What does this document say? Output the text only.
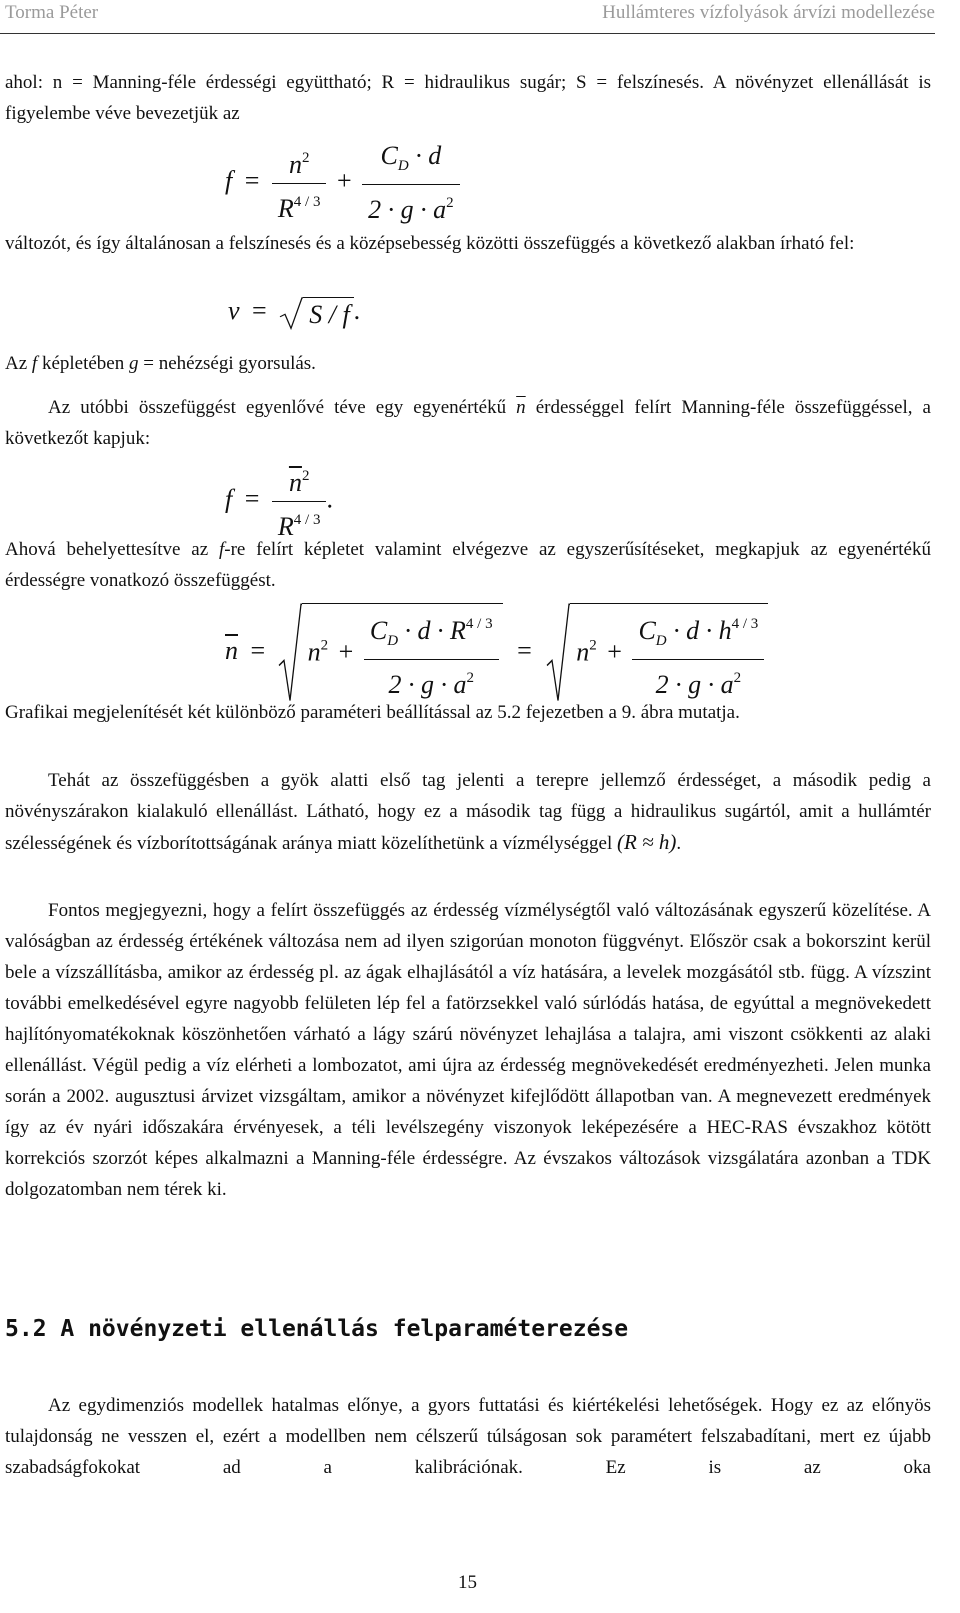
Torma Péter	Hullámteres vízfolyások árvízi modellezése

ahol: n = Manning-féle érdességi együttható; R = hidraulikus sugár; S = felszínesés. A növényzet ellenállását is figyelembe véve bevezetjük az

$f = \frac{n^2}{R^{4 / 3}} + \frac{C_D \cdot d}{2 \cdot g \cdot a^2}$

változót, és így általánosan a felszínesés és a középsebesség közötti összefüggés a következő alakban írható fel:

v = S / f .

Az f képletében g = nehézségi gyorsulás.

Az utóbbi összefüggést egyenlővé téve egy egyenértékű $\overline{n}$ érdességgel felírt Manning-féle összefüggéssel, a következőt kapjuk:

$f = \frac{\overline{n}^2}{R^{4 / 3}}$ .

Ahová behelyettesítve az f-re felírt képletet valamint elvégezve az egyszerűsítéseket, megkapjuk az egyenértékű érdességre vonatkozó összefüggést.

$\overline{n} = n^2 + \frac{C_D \cdot d \cdot R^{4 / 3}}{2 \cdot g \cdot a^2} = n^2 + \frac{C_D \cdot d \cdot h^{4 / 3}}{2 \cdot g \cdot a^2}$

Grafikai megjelenítését két különböző paraméteri beállítással az 5.2 fejezetben a 9. ábra mutatja.

Tehát az összefüggésben a gyök alatti első tag jelenti a terepre jellemző érdességet, a második pedig a növényszárakon kialakuló ellenállást. Látható, hogy ez a második tag függ a hidraulikus sugártól, amit a hullámtér szélességének és vízborítottságának aránya miatt közelíthetünk a vízmélységgel (R ≈ h).

Fontos megjegyezni, hogy a felírt összefüggés az érdesség vízmélységtől való változásának egyszerű közelítése. A valóságban az érdesség értékének változása nem ad ilyen szigorúan monoton függvényt. Először csak a bokorszint kerül bele a vízszállításba, amikor az érdesség pl. az ágak elhajlásától a víz hatására, a levelek mozgásától stb. függ. A vízszint további emelkedésével egyre nagyobb felületen lép fel a fatörzsekkel való súrlódás hatása, de egyúttal a megnövekedett hajlítónyomatékoknak köszönhetően várható a lágy szárú növényzet lehajlása a talajra, ami viszont csökkenti az alaki ellenállást. Végül pedig a víz elérheti a lombozatot, ami újra az érdesség megnövekedését eredményezheti. Jelen munka során a 2002. augusztusi árvizet vizsgáltam, amikor a növényzet kifejlődött állapotban van. A megnevezett eredmények így az év nyári időszakára érvényesek, a téli levélszegény viszonyok leképezésére a HEC-RAS évszakhoz kötött korrekciós szorzót képes alkalmazni a Manning-féle érdességre. Az évszakos változások vizsgálatára azonban a TDK dolgozatomban nem térek ki.

5.2 A növényzeti ellenállás felparaméterezése

Az egydimenziós modellek hatalmas előnye, a gyors futtatási és kiértékelési lehetőségek. Hogy ez az előnyös tulajdonság ne vesszen el, ezért a modellben nem célszerű túlságosan sok paramétert felszabadítani, mert ez újabb szabadságfokokat ad a kalibrációnak. Ez is az oka

15
